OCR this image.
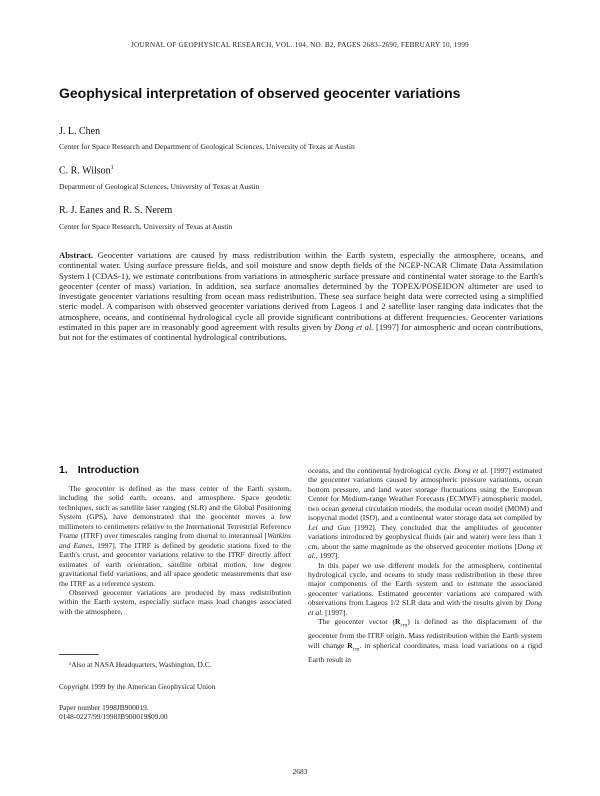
JOURNAL OF GEOPHYSICAL RESEARCH, VOL. 104, NO. B2, PAGES 2683–2690, FEBRUARY 10, 1999
Geophysical interpretation of observed geocenter variations
J. L. Chen
Center for Space Research and Department of Geological Sciences, University of Texas at Austin
C. R. Wilson$^1$
Department of Geological Sciences, University of Texas at Austin
R. J. Eanes and R. S. Nerem
Center for Space Research, University of Texas at Austin
Abstract. Geocenter variations are caused by mass redistribution within the Earth system, especially the atmosphere, oceans, and continental water. Using surface pressure fields, and soil moisture and snow depth fields of the NCEP-NCAR Climate Data Assimilation System I (CDAS-1), we estimate contributions from variations in atmospheric surface pressure and continental water storage to the Earth's geocenter (center of mass) variation. In addition, sea surface anomalies determined by the TOPEX/POSEIDON altimeter are used to investigate geocenter variations resulting from ocean mass redistribution. These sea surface height data were corrected using a simplified steric model. A comparison with observed geocenter variations derived from Lageos 1 and 2 satellite laser ranging data indicates that the atmosphere, oceans, and continental hydrological cycle all provide significant contributions at different frequencies. Geocenter variations estimated in this paper are in reasonably good agreement with results given by Dong et al. [1997] for atmospheric and ocean contributions, but not for the estimates of continental hydrological contributions.
1. Introduction

The geocenter is defined as the mass center of the Earth system, including the solid earth, oceans, and atmosphere. Space geodetic techniques, such as satellite laser ranging (SLR) and the Global Positioning System (GPS), have demonstrated that the geocenter moves a few millimeters to centimeters relative to the International Terrestrial Reference Frame (ITRF) over timescales ranging from diurnal to interannual [Watkins and Eanes, 1997]. The ITRF is defined by geodetic stations fixed to the Earth's crust, and geocenter variations relative to the ITRF directly affect estimates of earth orientation, satellite orbital motion, low degree gravitational field variations, and all space geodetic measurements that use the ITRF as a reference system.

Observed geocenter variations are produced by mass redistribution within the Earth system, especially surface mass load changes associated with the atmosphere,

oceans, and the continental hydrological cycle. Dong et al. [1997] estimated the geocenter variations caused by atmospheric pressure variations, ocean bottom pressure, and land water storage fluctuations using the European Center for Medium-range Weather Forecasts (ECMWF) atmospheric model, two ocean general circulation models, the modular ocean model (MOM) and isopycnal model (ISO), and a continental water storage data set compiled by Lei and Guo [1992]. They concluded that the amplitudes of geocenter variations introduced by geophysical fluids (air and water) were less than 1 cm, about the same magnitude as the observed geocenter motions [Dong et al., 1997].

In this paper we use different models for the atmosphere, continental hydrological cycle, and oceans to study mass redistribution in these three major components of the Earth system and to estimate the associated geocenter variations. Estimated geocenter variations are compared with observations from Lageos 1/2 SLR data and with the results given by Dong et al. [1997].

The geocenter vector $(R_{cm})$ is defined as the displacement of the geocenter from the ITRF origin. Mass redistribution within the Earth system will change $R_{cm}$. in spherical coordinates, mass load variations on a rigid Earth result in

¹Also at NASA Headquarters, Washington, D.C.
Copyright 1999 by the American Geophysical Union
Paper number 1998JB900019.
0148-0227/99/1998JB900019$09.00
2683
